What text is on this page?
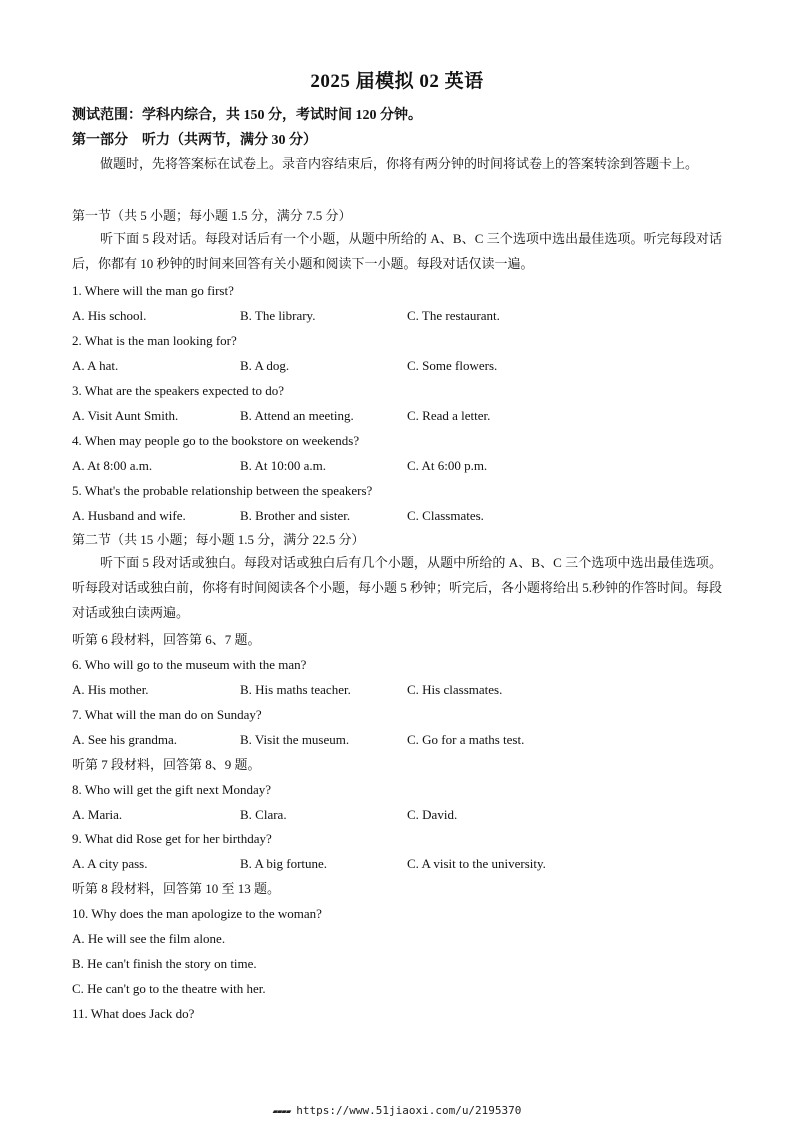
2025 届模拟 02 英语
测试范围：学科内综合，共 150 分，考试时间 120 分钟。
第一部分　听力（共两节，满分 30 分）
做题时，先将答案标在试卷上。录音内容结束后，你将有两分钟的时间将试卷上的答案转涂到答题卡上。
第一节（共 5 小题；每小题 1.5 分，满分 7.5 分）
听下面 5 段对话。每段对话后有一个小题，从题中所给的 A、B、C 三个选项中选出最佳选项。听完每段对话后，你都有 10 秒钟的时间来回答有关小题和阅读下一小题。每段对话仅读一遍。
1. Where will the man go first?
A. His school.	B. The library.	C. The restaurant.
2. What is the man looking for?
A. A hat.	B. A dog.	C. Some flowers.
3. What are the speakers expected to do?
A. Visit Aunt Smith.	B. Attend an meeting.	C. Read a letter.
4. When may people go to the bookstore on weekends?
A. At 8:00 a.m.	B. At 10:00 a.m.	C. At 6:00 p.m.
5. What's the probable relationship between the speakers?
A. Husband and wife.	B. Brother and sister.	C. Classmates.
第二节（共 15 小题；每小题 1.5 分，满分 22.5 分）
听下面 5 段对话或独白。每段对话或独白后有几个小题，从题中所给的 A、B、C 三个选项中选出最佳选项。听每段对话或独白前，你将有时间阅读各个小题，每小题 5 秒钟；听完后，各小题将给出 5.秒钟的作答时间。每段对话或独白读两遍。
听第 6 段材料，回答第 6、7 题。
6. Who will go to the museum with the man?
A. His mother.	B. His maths teacher.	C. His classmates.
7. What will the man do on Sunday?
A. See his grandma.	B. Visit the museum.	C. Go for a maths test.
听第 7 段材料，回答第 8、9 题。
8. Who will get the gift next Monday?
A. Maria.	B. Clara.	C. David.
9. What did Rose get for her birthday?
A. A city pass.	B. A big fortune.	C. A visit to the university.
听第 8 段材料，回答第 10 至 13 题。
10. Why does the man apologize to the woman?
A. He will see the film alone.
B. He can't finish the story on time.
C. He can't go to the theatre with her.
11. What does Jack do?
▰▰▰▰ https://www.51jiaoxi.com/u/2195370
